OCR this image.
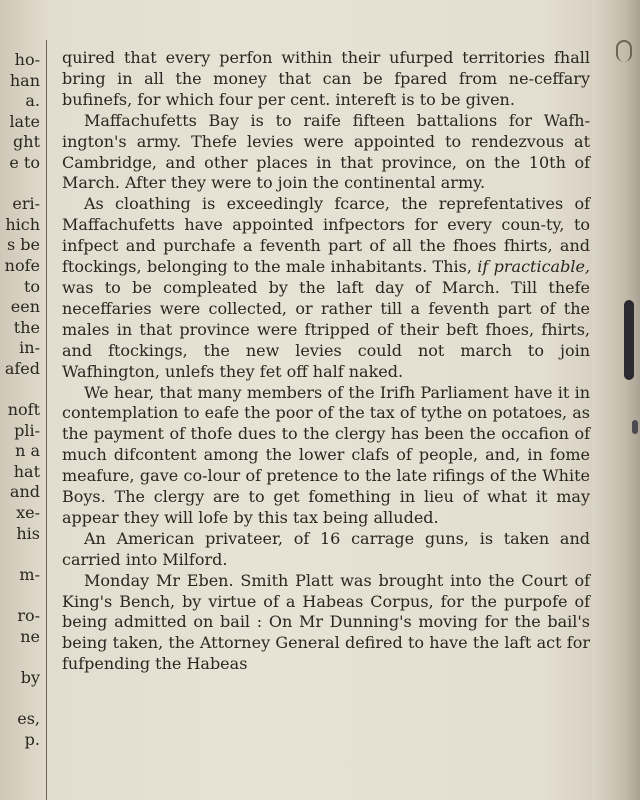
ho-
han
a.
late
ght
e to
eri-
hich
s be
nofe
to
een
the
in-
afed
noft
pli-
n a
hat
and
xe-
his
m-
ro-
ne
by
es,
p.

quired that every perfon within their ufurped territories fhall bring in all the money that can be fpared from ne-ceffary bufinefs, for which four per cent. intereft is to be given.

Maffachufetts Bay is to raife fifteen battalions for Wafh-ington's army. Thefe levies were appointed to rendezvous at Cambridge, and other places in that province, on the 10th of March. After they were to join the continental army.

As cloathing is exceedingly fcarce, the reprefentatives of Maffachufetts have appointed infpectors for every coun-ty, to infpect and purchafe a feventh part of all the fhoes fhirts, and ftockings, belonging to the male inhabitants. This, if practicable, was to be compleated by the laft day of March. Till thefe neceffaries were collected, or rather till a feventh part of the males in that province were ftripped of their beft fhoes, fhirts, and ftockings, the new levies could not march to join Wafhington, unlefs they fet off half naked.

We hear, that many members of the Irifh Parliament have it in contemplation to eafe the poor of the tax of tythe on potatoes, as the payment of thofe dues to the clergy has been the occafion of much difcontent among the lower clafs of people, and, in fome meafure, gave co-lour of pretence to the late rifings of the White Boys. The clergy are to get fomething in lieu of what it may appear they will lofe by this tax being alluded.

An American privateer, of 16 carrage guns, is taken and carried into Milford.

Monday Mr Eben. Smith Platt was brought into the Court of King's Bench, by virtue of a Habeas Corpus, for the purpofe of being admitted on bail : On Mr Dunning's moving for the bail's being taken, the Attorney General defired to have the laft act for fufpending the Habeas
